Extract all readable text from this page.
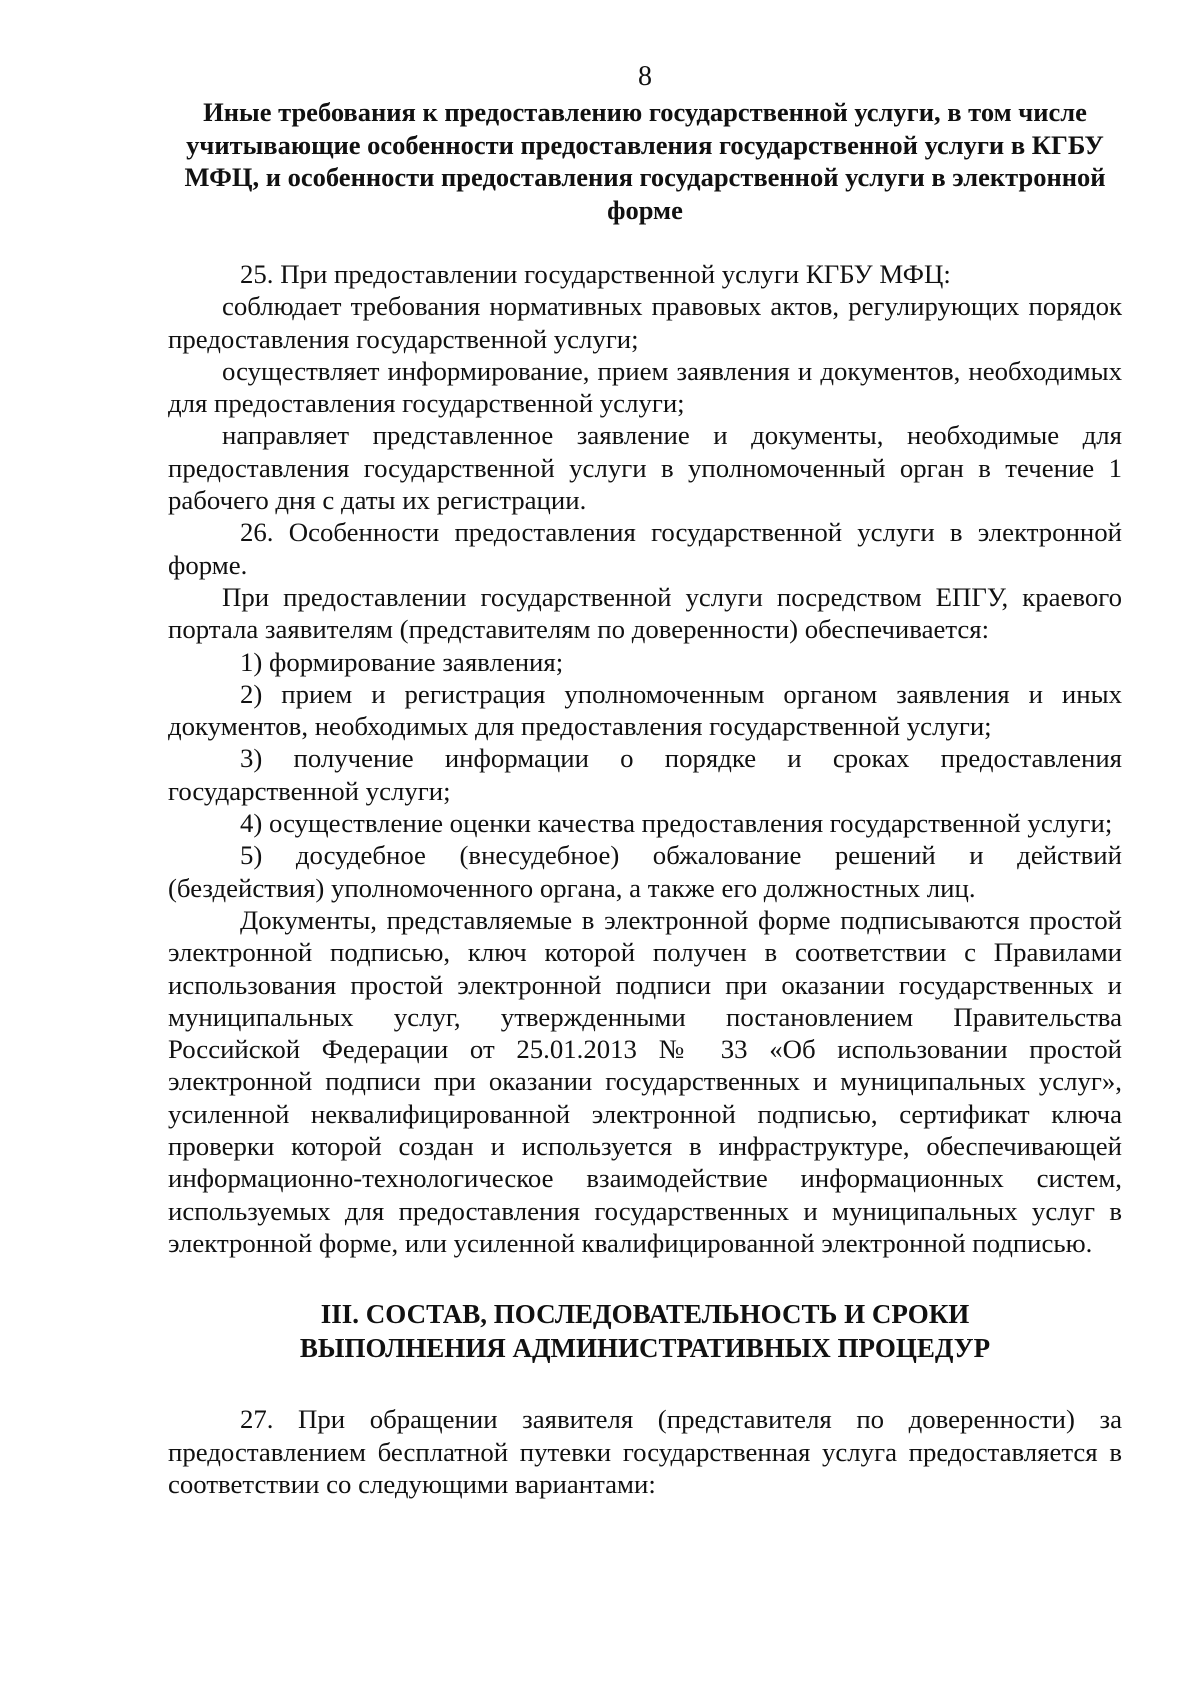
8
Иные требования к предоставлению государственной услуги, в том числе учитывающие особенности предоставления государственной услуги в КГБУ МФЦ, и особенности предоставления государственной услуги в электронной форме

25. При предоставлении государственной услуги КГБУ МФЦ:

соблюдает требования нормативных правовых актов, регулирующих порядок предоставления государственной услуги;

осуществляет информирование, прием заявления и документов, необходимых для предоставления государственной услуги;

направляет представленное заявление и документы, необходимые для предоставления государственной услуги в уполномоченный орган в течение 1 рабочего дня с даты их регистрации.

26. Особенности предоставления государственной услуги в электронной форме.

При предоставлении государственной услуги посредством ЕПГУ, краевого портала заявителям (представителям по доверенности) обеспечивается:

1) формирование заявления;

2) прием и регистрация уполномоченным органом заявления и иных документов, необходимых для предоставления государственной услуги;

3) получение информации о порядке и сроках предоставления государственной услуги;

4) осуществление оценки качества предоставления государственной услуги;

5) досудебное (внесудебное) обжалование решений и действий (бездействия) уполномоченного органа, а также его должностных лиц.

Документы, представляемые в электронной форме подписываются простой электронной подписью, ключ которой получен в соответствии с Правилами использования простой электронной подписи при оказании государственных и муниципальных услуг, утвержденными постановлением Правительства Российской Федерации от 25.01.2013 № 33 «Об использовании простой электронной подписи при оказании государственных и муниципальных услуг», усиленной неквалифицированной электронной подписью, сертификат ключа проверки которой создан и используется в инфраструктуре, обеспечивающей информационно-технологическое взаимодействие информационных систем, используемых для предоставления государственных и муниципальных услуг в электронной форме, или усиленной квалифицированной электронной подписью.

III. СОСТАВ, ПОСЛЕДОВАТЕЛЬНОСТЬ И СРОКИ
ВЫПОЛНЕНИЯ АДМИНИСТРАТИВНЫХ ПРОЦЕДУР

27. При обращении заявителя (представителя по доверенности) за предоставлением бесплатной путевки государственная услуга предоставляется в соответствии со следующими вариантами:
